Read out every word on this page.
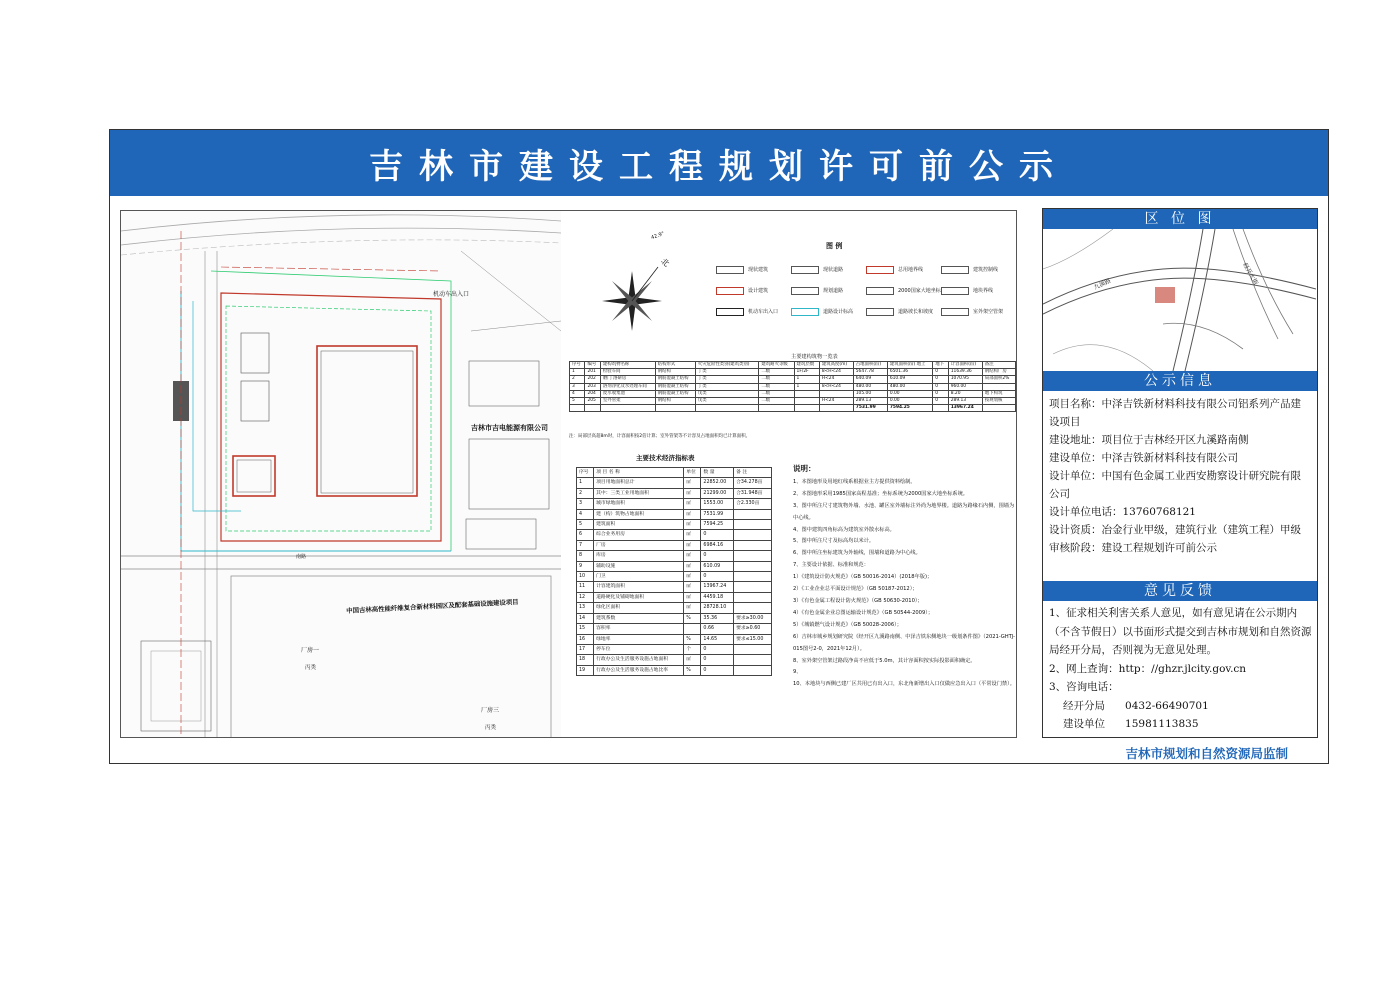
吉林市建设工程规划许可前公示
机动车出入口
吉林市吉电能源有限公司
中国吉林高性能纤维复合新材料园区及配套基础设施建设项目
南路
厂房一
丙类
厂房三
丙类
北
42.9°
图 例
现状建筑	现状道路	总用地界线	建筑控制线
设计建筑	规划道路	2000国家大地坐标	地块界线
机动车出入口	道路设计标高	道路坡长和坡度	室外架空管架
主要建构筑物一览表
序号	编号	建构筑物名称	结构形式	火灾危险性类别(建筑类别)	建筑耐火等级	建筑层数	建筑高度(m)	占地面积(㎡)	建筑面积(㎡) 地上	地下	计容面积(㎡)	备注
1	201	检验车间	钢结构	丁类	二级	1F/2F	8<H<24	5647.78	6501.36	0	11639.36	钢结构厂房
2	202	磨门 溶研房	钢筋混凝土结构	丁类	二级	1	H<24	640.09	610.09	0	1070.95	局部面积2%
3	203	溶剂净化及水处理车间	钢筋混凝土结构	丁类	二级	1	8<H<24	480.00	480.00	0	960.00	
4	204	废水收集池	钢筋混凝土结构	戊类	二级			105.00	0.00	0	8.20	地下构筑
5	205	室外管架	钢结构	戊类	二级		H<24	289.13	0.00	0	289.13	按规划核
								7531.99	7594.25		13967.24	
注：局部层高超8m时，计容面积按2倍计算；室外管架等不计容及占地面积均已计算面积。
主要技术经济指标表
序号	项 目 名 称	单位	数 量	备 注
1	项目用地面积总计	㎡	22852.00	合34.278亩
2	其中：三类工业用地面积	㎡	21299.00	合31.948亩
3	城市绿地面积	㎡	1553.00	合2.330亩
4	建（构）筑物占地面积	㎡	7531.99	
5	建筑面积	㎡	7594.25	
6	综合业务用房	㎡	0	
7	厂房	㎡	6984.16	
8	库房	㎡	0	
9	辅助设施	㎡	610.09	
10	门卫	㎡	0	
11	计容建筑面积	㎡	13967.24	
12	道路硬化及铺砌地面积	㎡	4459.18	
13	绿化区面积	㎡	28728.10	
14	建筑系数	%	35.36	要求≥30.00
15	容积率		0.66	要求≥0.60
16	绿地率	%	14.65	要求≤15.00
17	停车位	个	0	
18	行政办公及生活服务设施占地面积	㎡	0	
19	行政办公及生活服务设施占地比率	%	0	
说明：
1、本图地形及用地红线系根据业主方提供资料绘制。
2、本图地形采用1985国家高程基准；坐标系统为2000国家大地坐标系统。
3、图中所注尺寸建筑物外墙、水池、罐区室外墙标注外尚为地界楼。道路为路缘石内侧，围墙为中心线。
4、图中建筑四角标高为建筑室外散水标高。
5、图中所注尺寸及标高均以米计。
6、图中所注坐标建筑为外轴线，围墙和道路为中心线。
7、主要设计依据、标准和规范：
1）《建筑设计防火规范》（GB 50016-2014）(2018年版)；
2）《工业企业总平面设计规范》（GB 50187-2012）；
3）《有色金属工程设计防火规范》（GB 50630-2010）；
4）《有色金属企业总图运输设计规范》（GB 50544-2009）；
5）《城镇燃气设计规范》（GB 50028-2006）；
6）吉林市城乡规划研究院《经开区九溪路南侧、中泽吉铁东侧地块一级划条件图》（2021-GHTJ-015图号2-0，2021年12月）。
8、室外架空管架过路段净高不应低于5.0m，其计容面积按实际投影面积确定。
9、
10、本地块与西侧已建厂区共用已有出入口，东北角新增出入口仅做应急出入口（平常设门禁）。
区 位 图
九溪路	经开大街
公示信息
项目名称：中泽吉铁新材料科技有限公司铝系列产品建设项目
建设地址：项目位于吉林经开区九溪路南侧
建设单位：中泽吉铁新材料科技有限公司
设计单位：中国有色金属工业西安勘察设计研究院有限公司
设计单位电话：13760768121
设计资质：冶金行业甲级，建筑行业（建筑工程）甲级
审核阶段：建设工程规划许可前公示
意见反馈
1、征求相关利害关系人意见，如有意见请在公示期内（不含节假日）以书面形式提交到吉林市规划和自然资源局经开分局，否则视为无意见处理。
2、网上查询：http：//ghzr.jlcity.gov.cn
3、咨询电话：
经开分局 0432-66490701
建设单位 15981113835
吉林市规划和自然资源局监制
